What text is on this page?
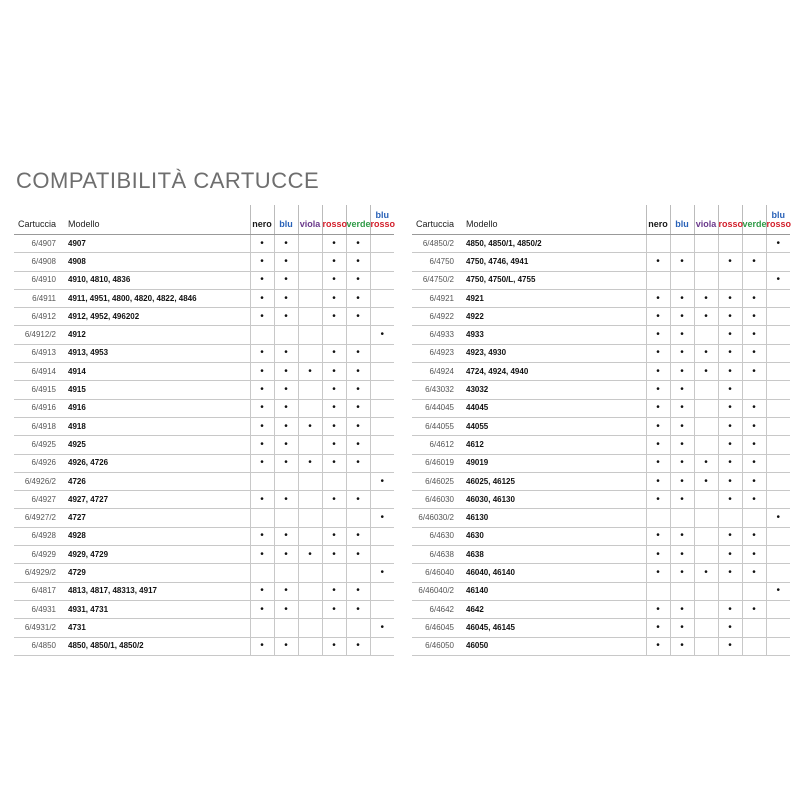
COMPATIBILITÀ CARTUCCE
Cartuccia	Modello	nero	blu	viola	rosso	verde	blu
rosso
6/4907	4907	•	•		•	•	
6/4908	4908	•	•		•	•	
6/4910	4910, 4810, 4836	•	•		•	•	
6/4911	4911, 4951, 4800, 4820, 4822, 4846	•	•		•	•	
6/4912	4912, 4952, 496202	•	•		•	•	
6/4912/2	4912						•
6/4913	4913, 4953	•	•		•	•	
6/4914	4914	•	•	•	•	•	
6/4915	4915	•	•		•	•	
6/4916	4916	•	•		•	•	
6/4918	4918	•	•	•	•	•	
6/4925	4925	•	•		•	•	
6/4926	4926, 4726	•	•	•	•	•	
6/4926/2	4726						•
6/4927	4927, 4727	•	•		•	•	
6/4927/2	4727						•
6/4928	4928	•	•		•	•	
6/4929	4929, 4729	•	•	•	•	•	
6/4929/2	4729						•
6/4817	4813, 4817, 48313, 4917	•	•		•	•	
6/4931	4931, 4731	•	•		•	•	
6/4931/2	4731						•
6/4850	4850, 4850/1, 4850/2	•	•		•	•	
Cartuccia	Modello	nero	blu	viola	rosso	verde	blu
rosso
6/4850/2	4850, 4850/1, 4850/2						•
6/4750	4750, 4746, 4941	•	•		•	•	
6/4750/2	4750, 4750/L, 4755						•
6/4921	4921	•	•	•	•	•	
6/4922	4922	•	•	•	•	•	
6/4933	4933	•	•		•	•	
6/4923	4923, 4930	•	•	•	•	•	
6/4924	4724, 4924, 4940	•	•	•	•	•	
6/43032	43032	•	•		•		
6/44045	44045	•	•		•	•	
6/44055	44055	•	•		•	•	
6/4612	4612	•	•		•	•	
6/46019	49019	•	•	•	•	•	
6/46025	46025, 46125	•	•	•	•	•	
6/46030	46030, 46130	•	•		•	•	
6/46030/2	46130						•
6/4630	4630	•	•		•	•	
6/4638	4638	•	•		•	•	
6/46040	46040, 46140	•	•	•	•	•	
6/46040/2	46140						•
6/4642	4642	•	•		•	•	
6/46045	46045, 46145	•	•		•		
6/46050	46050	•	•		•		
